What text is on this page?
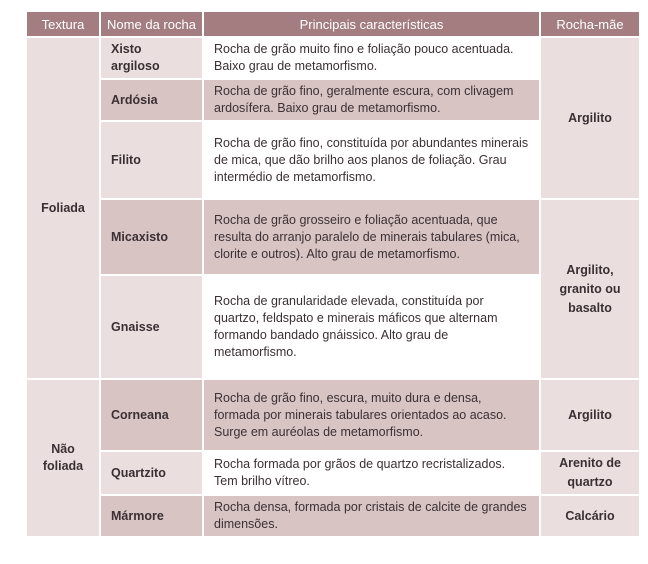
Textura	Nome da rocha	Principais características	Rocha-mãe
Foliada	Xisto argiloso	Rocha de grão muito fino e foliação pouco acentuada. Baixo grau de metamorfismo.	Argilito
	Ardósia	Rocha de grão fino, geralmente escura, com clivagem ardosífera. Baixo grau de metamorfismo.	
	Filito	Rocha de grão fino, constituída por abundantes minerais de mica, que dão brilho aos planos de foliação. Grau intermédio de metamorfismo.	
	Micaxisto	Rocha de grão grosseiro e foliação acentuada, que resulta do arranjo paralelo de minerais tabulares (mica, clorite e outros). Alto grau de metamorfismo.	Argilito, granito ou basalto
	Gnaisse	Rocha de granularidade elevada, constituída por quartzo, feldspato e minerais máficos que alternam formando bandado gnáissico. Alto grau de metamorfismo.	
Não foliada	Corneana	Rocha de grão fino, escura, muito dura e densa, formada por minerais tabulares orientados ao acaso. Surge em auréolas de metamorfismo.	Argilito
	Quartzito	Rocha formada por grãos de quartzo recristalizados. Tem brilho vítreo.	Arenito de quartzo
	Mármore	Rocha densa, formada por cristais de calcite de grandes dimensões.	Calcário
